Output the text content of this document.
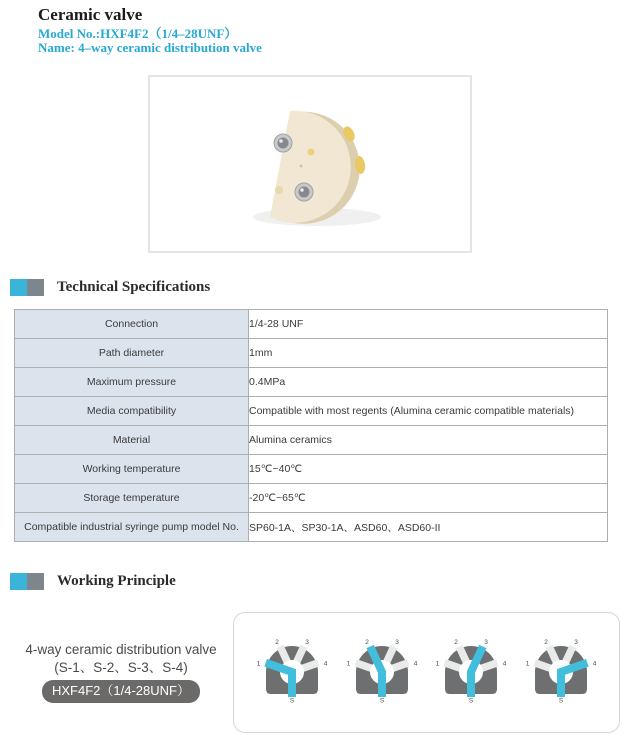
Ceramic valve
Model No.:HXF4F2（1/4–28UNF）
Name: 4–way ceramic distribution valve
Technical Specifications
Connection	1/4-28 UNF
Path diameter	1mm
Maximum pressure	0.4MPa
Media compatibility	Compatible with most regents (Alumina ceramic compatible materials)
Material	Alumina ceramics
Working temperature	15℃~40℃
Storage temperature	-20℃~65℃
Compatible industrial syringe pump model No.	SP60-1A、SP30-1A、ASD60、ASD60-II
Working Principle
4-way ceramic distribution valve
(S-1、S-2、S-3、S-4)
HXF4F2（1/4-28UNF）
1
2	3
4
S
1
2	3
4
S
1
2	3
4
S
1
2	3
4
S
